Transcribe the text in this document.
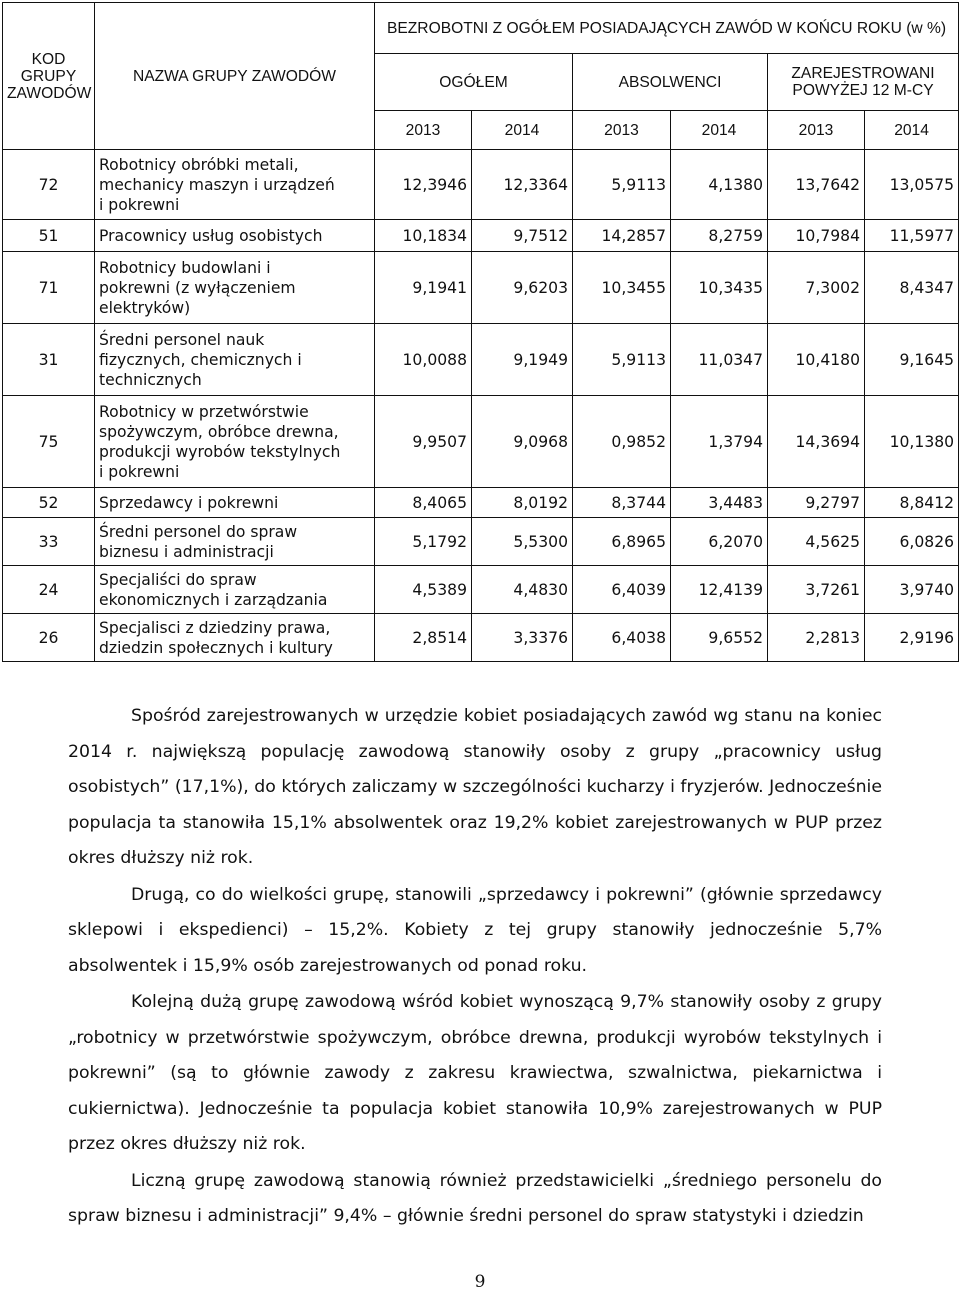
KOD GRUPY ZAWODÓW	NAZWA GRUPY ZAWODÓW	BEZROBOTNI Z OGÓŁEM POSIADAJĄCYCH ZAWÓD W KOŃCU ROKU (w %)					
		OGÓŁEM		ABSOLWENCI		ZAREJESTROWANI POWYŻEJ 12 M-CY	
		2013	2014	2013	2014	2013	2014
72	Robotnicy obróbki metali, mechanicy maszyn i urządzeń i pokrewni	12,3946	12,3364	5,9113	4,1380	13,7642	13,0575
51	Pracownicy usług osobistych	10,1834	9,7512	14,2857	8,2759	10,7984	11,5977
71	Robotnicy budowlani i pokrewni (z wyłączeniem elektryków)	9,1941	9,6203	10,3455	10,3435	7,3002	8,4347
31	Średni personel nauk fizycznych, chemicznych i technicznych	10,0088	9,1949	5,9113	11,0347	10,4180	9,1645
75	Robotnicy w przetwórstwie spożywczym, obróbce drewna, produkcji wyrobów tekstylnych i pokrewni	9,9507	9,0968	0,9852	1,3794	14,3694	10,1380
52	Sprzedawcy i pokrewni	8,4065	8,0192	8,3744	3,4483	9,2797	8,8412
33	Średni personel do spraw biznesu i administracji	5,1792	5,5300	6,8965	6,2070	4,5625	6,0826
24	Specjaliści do spraw ekonomicznych i zarządzania	4,5389	4,4830	6,4039	12,4139	3,7261	3,9740
26	Specjalisci z dziedziny prawa, dziedzin społecznych i kultury	2,8514	3,3376	6,4038	9,6552	2,2813	2,9196

Spośród zarejestrowanych w urzędzie kobiet posiadających zawód wg stanu na koniec 2014 r. największą populację zawodową stanowiły osoby z grupy „pracownicy usług osobistych” (17,1%), do których zaliczamy w szczególności kucharzy i fryzjerów. Jednocześnie populacja ta stanowiła 15,1% absolwentek oraz 19,2% kobiet zarejestrowanych w PUP przez okres dłuższy niż rok.

Drugą, co do wielkości grupę, stanowili „sprzedawcy i pokrewni” (głównie sprzedawcy sklepowi i ekspedienci) – 15,2%. Kobiety z tej grupy stanowiły jednocześnie 5,7% absolwentek i 15,9% osób zarejestrowanych od ponad roku.

Kolejną dużą grupę zawodową wśród kobiet wynoszącą 9,7% stanowiły osoby z grupy „robotnicy w przetwórstwie spożywczym, obróbce drewna, produkcji wyrobów tekstylnych i pokrewni” (są to głównie zawody z zakresu krawiectwa, szwalnictwa, piekarnictwa i cukiernictwa). Jednocześnie ta populacja kobiet stanowiła 10,9% zarejestrowanych w PUP przez okres dłuższy niż rok.

Liczną grupę zawodową stanowią również przedstawicielki „średniego personelu do spraw biznesu i administracji” 9,4% – głównie średni personel do spraw statystyki i dziedzin

9
